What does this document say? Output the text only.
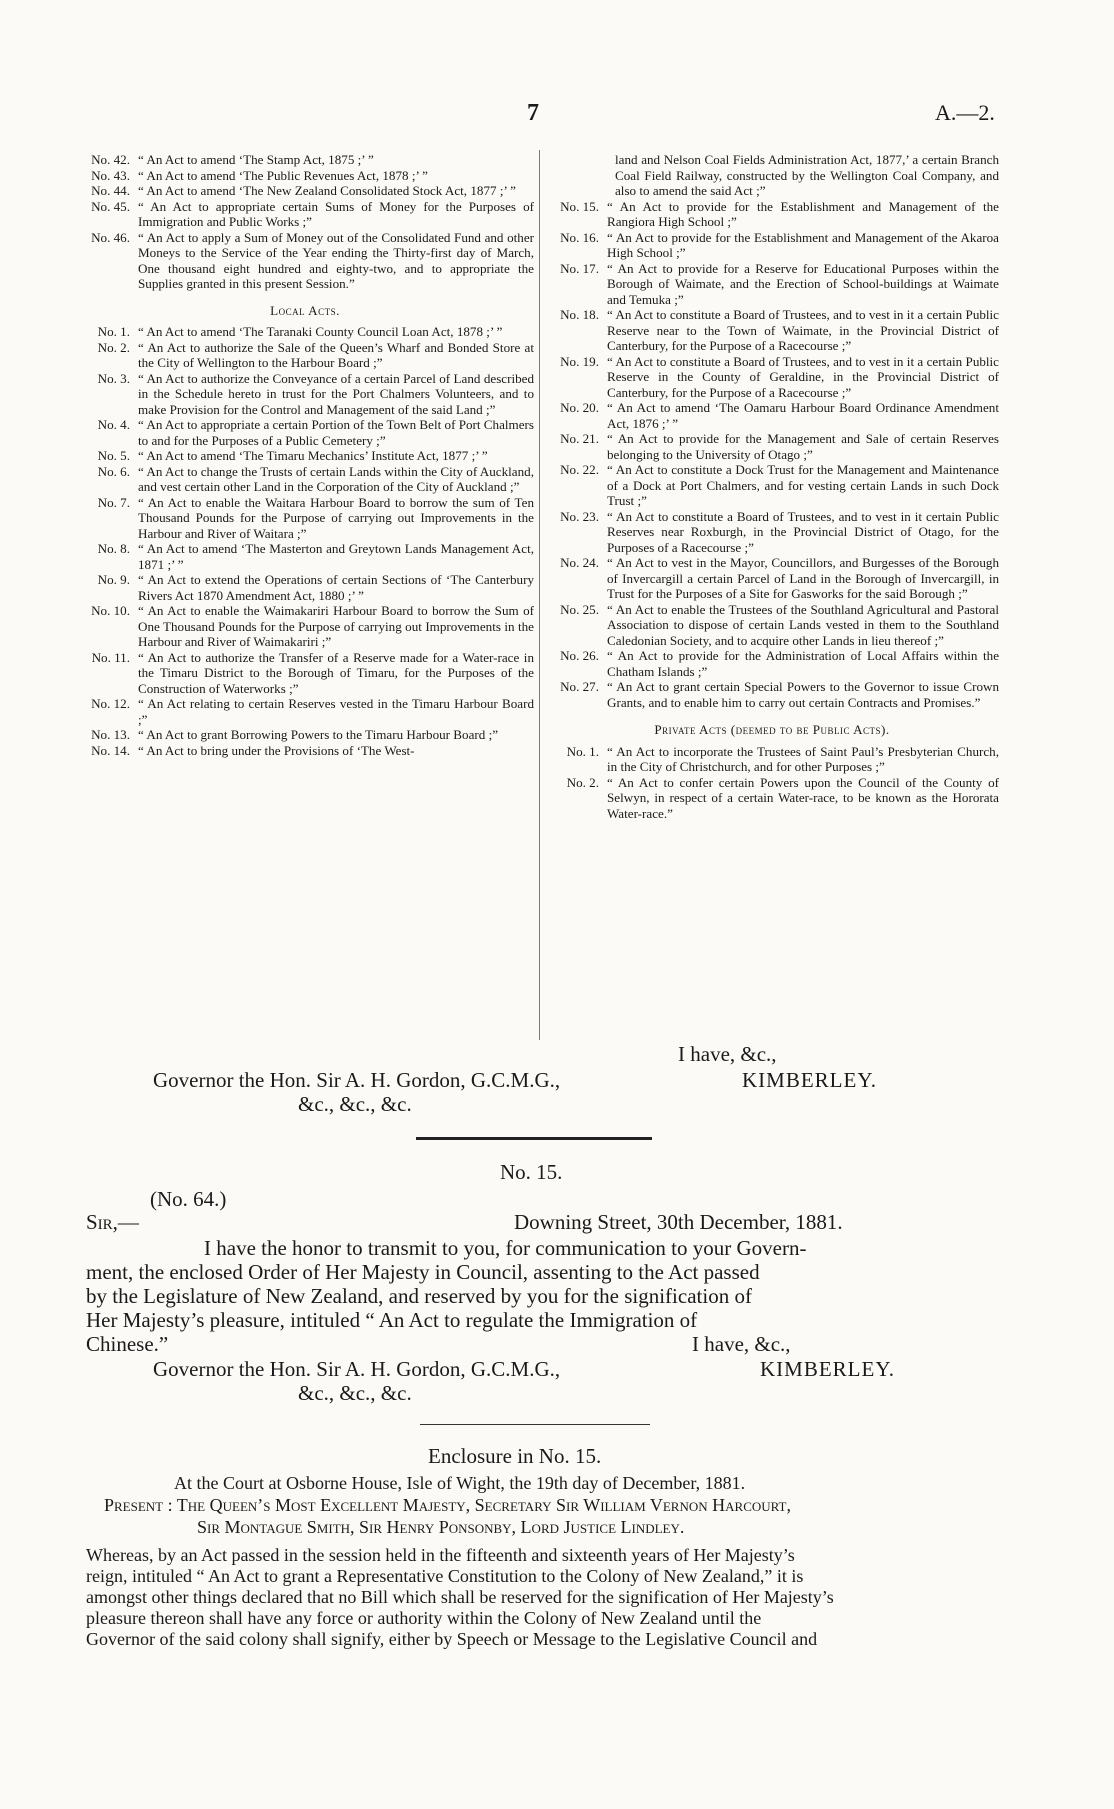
7	A.—2.
No. 42. “ An Act to amend ‘The Stamp Act, 1875 ;’ ”
No. 43. “ An Act to amend ‘The Public Revenues Act, 1878 ;’ ”
No. 44. “ An Act to amend ‘The New Zealand Consolidated Stock Act, 1877 ;’ ”
No. 45. “ An Act to appropriate certain Sums of Money for the Purposes of Immigration and Public Works ;”
No. 46. “ An Act to apply a Sum of Money out of the Consolidated Fund and other Moneys to the Service of the Year ending the Thirty-first day of March, One thousand eight hundred and eighty-two, and to appropriate the Supplies granted in this present Session.”
Local Acts.
No. 1. “ An Act to amend ‘The Taranaki County Council Loan Act, 1878 ;’ ”
No. 2. “ An Act to authorize the Sale of the Queen’s Wharf and Bonded Store at the City of Wellington to the Harbour Board ;”
No. 3. “ An Act to authorize the Conveyance of a certain Parcel of Land described in the Schedule hereto in trust for the Port Chalmers Volunteers, and to make Provision for the Control and Management of the said Land ;”
No. 4. “ An Act to appropriate a certain Portion of the Town Belt of Port Chalmers to and for the Purposes of a Public Cemetery ;”
No. 5. “ An Act to amend ‘The Timaru Mechanics’ Institute Act, 1877 ;’ ”
No. 6. “ An Act to change the Trusts of certain Lands within the City of Auckland, and vest certain other Land in the Corporation of the City of Auckland ;”
No. 7. “ An Act to enable the Waitara Harbour Board to borrow the sum of Ten Thousand Pounds for the Purpose of carrying out Improvements in the Harbour and River of Waitara ;”
No. 8. “ An Act to amend ‘The Masterton and Greytown Lands Management Act, 1871 ;’ ”
No. 9. “ An Act to extend the Operations of certain Sections of ‘The Canterbury Rivers Act 1870 Amendment Act, 1880 ;’ ”
No. 10. “ An Act to enable the Waimakariri Harbour Board to borrow the Sum of One Thousand Pounds for the Purpose of carrying out Improvements in the Harbour and River of Waimakariri ;”
No. 11. “ An Act to authorize the Transfer of a Reserve made for a Water-race in the Timaru District to the Borough of Timaru, for the Purposes of the Construction of Waterworks ;”
No. 12. “ An Act relating to certain Reserves vested in the Timaru Harbour Board ;”
No. 13. “ An Act to grant Borrowing Powers to the Timaru Harbour Board ;”
No. 14. “ An Act to bring under the Provisions of ‘The West-

land and Nelson Coal Fields Administration Act, 1877,’ a certain Branch Coal Field Railway, constructed by the Wellington Coal Company, and also to amend the said Act ;”

No. 15. “ An Act to provide for the Establishment and Management of the Rangiora High School ;”
No. 16. “ An Act to provide for the Establishment and Management of the Akaroa High School ;”
No. 17. “ An Act to provide for a Reserve for Educational Purposes within the Borough of Waimate, and the Erection of School-buildings at Waimate and Temuka ;”
No. 18. “ An Act to constitute a Board of Trustees, and to vest in it a certain Public Reserve near to the Town of Waimate, in the Provincial District of Canterbury, for the Purpose of a Racecourse ;”
No. 19. “ An Act to constitute a Board of Trustees, and to vest in it a certain Public Reserve in the County of Geraldine, in the Provincial District of Canterbury, for the Purpose of a Racecourse ;”
No. 20. “ An Act to amend ‘The Oamaru Harbour Board Ordinance Amendment Act, 1876 ;’ ”
No. 21. “ An Act to provide for the Management and Sale of certain Reserves belonging to the University of Otago ;”
No. 22. “ An Act to constitute a Dock Trust for the Management and Maintenance of a Dock at Port Chalmers, and for vesting certain Lands in such Dock Trust ;”
No. 23. “ An Act to constitute a Board of Trustees, and to vest in it certain Public Reserves near Roxburgh, in the Provincial District of Otago, for the Purposes of a Racecourse ;”
No. 24. “ An Act to vest in the Mayor, Councillors, and Burgesses of the Borough of Invercargill a certain Parcel of Land in the Borough of Invercargill, in Trust for the Purposes of a Site for Gasworks for the said Borough ;”
No. 25. “ An Act to enable the Trustees of the Southland Agricultural and Pastoral Association to dispose of certain Lands vested in them to the Southland Caledonian Society, and to acquire other Lands in lieu thereof ;”
No. 26. “ An Act to provide for the Administration of Local Affairs within the Chatham Islands ;”
No. 27. “ An Act to grant certain Special Powers to the Governor to issue Crown Grants, and to enable him to carry out certain Contracts and Promises.”
Private Acts (deemed to be Public Acts).
No. 1. “ An Act to incorporate the Trustees of Saint Paul’s Presbyterian Church, in the City of Christchurch, and for other Purposes ;”
No. 2. “ An Act to confer certain Powers upon the Council of the County of Selwyn, in respect of a certain Water-race, to be known as the Hororata Water-race.”
I have, &c.,
Governor the Hon. Sir A. H. Gordon, G.C.M.G.,	KIMBERLEY.
&c., &c., &c.
No. 15.
(No. 64.)
Sir,—	Downing Street, 30th December, 1881.
I have the honor to transmit to you, for communication to your Govern-
ment, the enclosed Order of Her Majesty in Council, assenting to the Act passed
by the Legislature of New Zealand, and reserved by you for the signification of
Her Majesty’s pleasure, intituled “ An Act to regulate the Immigration of
Chinese.”	I have, &c.,
Governor the Hon. Sir A. H. Gordon, G.C.M.G.,	KIMBERLEY.
&c., &c., &c.
Enclosure in No. 15.
At the Court at Osborne House, Isle of Wight, the 19th day of December, 1881.
Present : The Queen’s Most Excellent Majesty, Secretary Sir William Vernon Harcourt,
Sir Montague Smith, Sir Henry Ponsonby, Lord Justice Lindley.
Whereas, by an Act passed in the session held in the fifteenth and sixteenth years of Her Majesty’s
reign, intituled “ An Act to grant a Representative Constitution to the Colony of New Zealand,” it is
amongst other things declared that no Bill which shall be reserved for the signification of Her Majesty’s
pleasure thereon shall have any force or authority within the Colony of New Zealand until the
Governor of the said colony shall signify, either by Speech or Message to the Legislative Council and
